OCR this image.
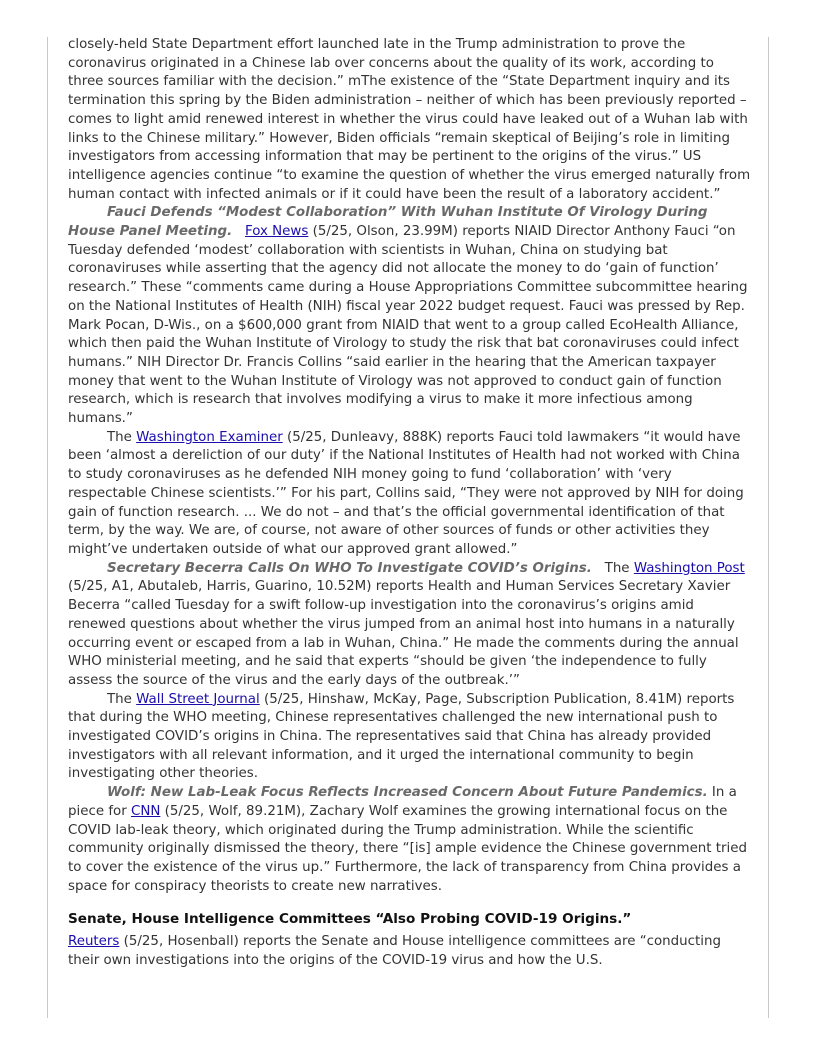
closely-held State Department effort launched late in the Trump administration to prove the coronavirus originated in a Chinese lab over concerns about the quality of its work, according to three sources familiar with the decision.” mThe existence of the “State Department inquiry and its termination this spring by the Biden administration – neither of which has been previously reported – comes to light amid renewed interest in whether the virus could have leaked out of a Wuhan lab with links to the Chinese military.” However, Biden officials “remain skeptical of Beijing’s role in limiting investigators from accessing information that may be pertinent to the origins of the virus.” US intelligence agencies continue “to examine the question of whether the virus emerged naturally from human contact with infected animals or if it could have been the result of a laboratory accident.”

Fauci Defends “Modest Collaboration” With Wuhan Institute Of Virology During House Panel Meeting. Fox News (5/25, Olson, 23.99M) reports NIAID Director Anthony Fauci “on Tuesday defended ‘modest’ collaboration with scientists in Wuhan, China on studying bat coronaviruses while asserting that the agency did not allocate the money to do ‘gain of function’ research.” These “comments came during a House Appropriations Committee subcommittee hearing on the National Institutes of Health (NIH) fiscal year 2022 budget request. Fauci was pressed by Rep. Mark Pocan, D-Wis., on a $600,000 grant from NIAID that went to a group called EcoHealth Alliance, which then paid the Wuhan Institute of Virology to study the risk that bat coronaviruses could infect humans.” NIH Director Dr. Francis Collins “said earlier in the hearing that the American taxpayer money that went to the Wuhan Institute of Virology was not approved to conduct gain of function research, which is research that involves modifying a virus to make it more infectious among humans.”

The Washington Examiner (5/25, Dunleavy, 888K) reports Fauci told lawmakers “it would have been ‘almost a dereliction of our duty’ if the National Institutes of Health had not worked with China to study coronaviruses as he defended NIH money going to fund ‘collaboration’ with ‘very respectable Chinese scientists.’” For his part, Collins said, “They were not approved by NIH for doing gain of function research. ... We do not – and that’s the official governmental identification of that term, by the way. We are, of course, not aware of other sources of funds or other activities they might’ve undertaken outside of what our approved grant allowed.”

Secretary Becerra Calls On WHO To Investigate COVID’s Origins. The Washington Post (5/25, A1, Abutaleb, Harris, Guarino, 10.52M) reports Health and Human Services Secretary Xavier Becerra “called Tuesday for a swift follow-up investigation into the coronavirus’s origins amid renewed questions about whether the virus jumped from an animal host into humans in a naturally occurring event or escaped from a lab in Wuhan, China.” He made the comments during the annual WHO ministerial meeting, and he said that experts “should be given ‘the independence to fully assess the source of the virus and the early days of the outbreak.’”

The Wall Street Journal (5/25, Hinshaw, McKay, Page, Subscription Publication, 8.41M) reports that during the WHO meeting, Chinese representatives challenged the new international push to investigated COVID’s origins in China. The representatives said that China has already provided investigators with all relevant information, and it urged the international community to begin investigating other theories.

Wolf: New Lab-Leak Focus Reflects Increased Concern About Future Pandemics. In a piece for CNN (5/25, Wolf, 89.21M), Zachary Wolf examines the growing international focus on the COVID lab-leak theory, which originated during the Trump administration. While the scientific community originally dismissed the theory, there “[is] ample evidence the Chinese government tried to cover the existence of the virus up.” Furthermore, the lack of transparency from China provides a space for conspiracy theorists to create new narratives.

Senate, House Intelligence Committees “Also Probing COVID-19 Origins.”

Reuters (5/25, Hosenball) reports the Senate and House intelligence committees are “conducting their own investigations into the origins of the COVID-19 virus and how the U.S.
